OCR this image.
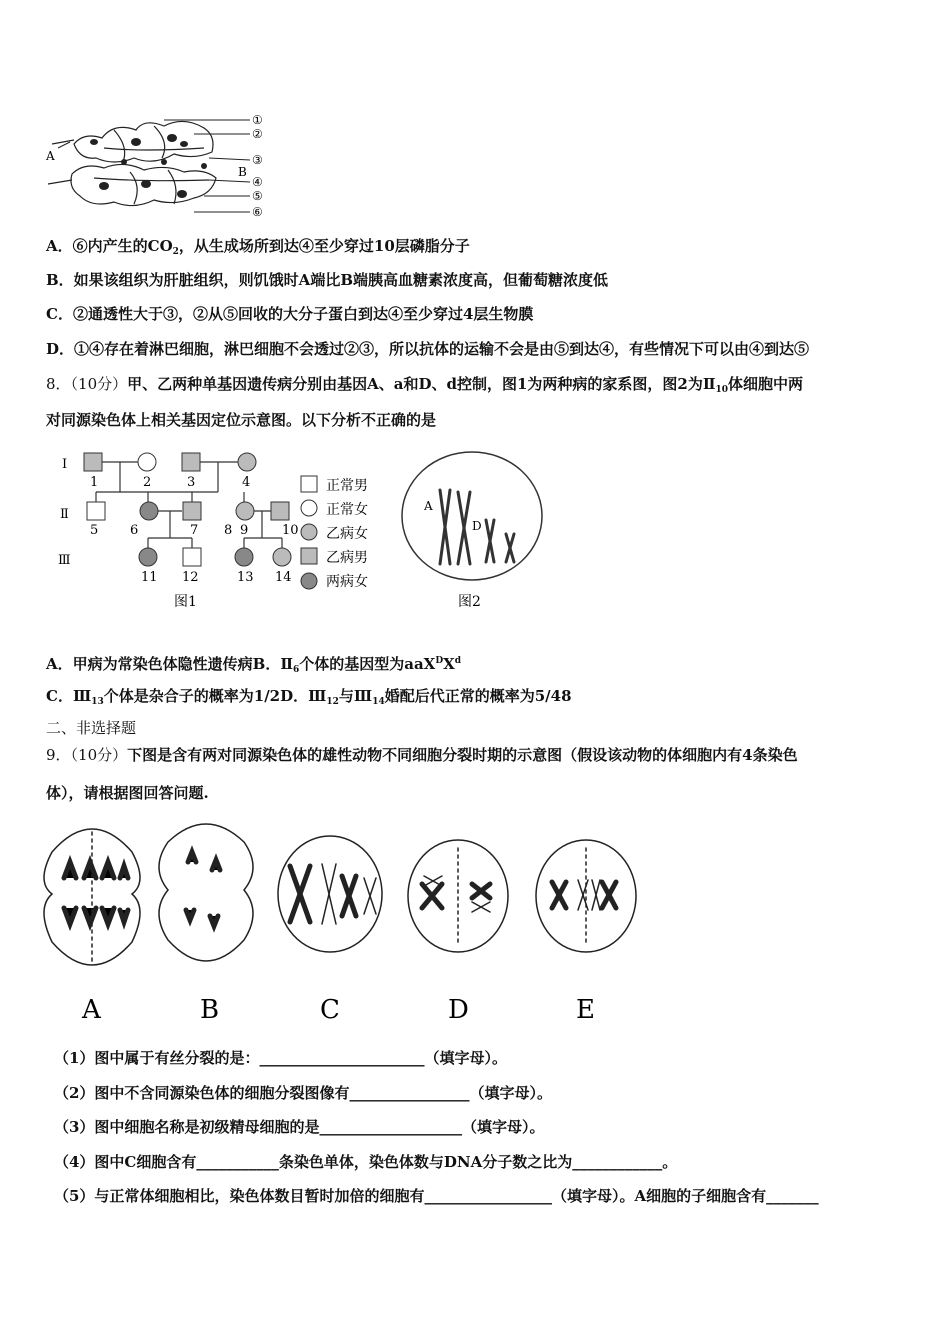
A
B
①
②
③
④
⑤
⑥
A．⑥内产生的$CO_2$，从生成场所到达④至少穿过10层磷脂分子
B．如果该组织为肝脏组织，则饥饿时A端比B端胰高血糖素浓度高，但葡萄糖浓度低
C．②通透性大于③，②从⑤回收的大分子蛋白到达④至少穿过4层生物膜
D．①④存在着淋巴细胞，淋巴细胞不会透过②③，所以抗体的运输不会是由⑤到达④，有些情况下可以由④到达⑤
8．（10分）甲、乙两种单基因遗传病分别由基因A、a和D、d控制，图1为两种病的家系图，图2为$Ⅱ_{10}$体细胞中两
对同源染色体上相关基因定位示意图。以下分析不正确的是
Ⅰ
Ⅱ
Ⅲ
1	2	3	4
5 6	7 8 9	10
11 12	13 14
正常男
正常女
乙病女
乙病男
两病女
图1	图2
A
D
A．甲病为常染色体隐性遗传病B．$Ⅱ_6$个体的基因型为$aaX^DX^d$
C．$Ⅲ_{13}$个体是杂合子的概率为1/2D．$Ⅲ_{12}$与$Ⅲ_{14}$婚配后代正常的概率为5/48
二、非选择题
9．（10分）下图是含有两对同源染色体的雄性动物不同细胞分裂时期的示意图（假设该动物的体细胞内有4条染色
体），请根据图回答问题.
A	B	C	D	E
（1）图中属于有丝分裂的是：______________________（填字母）。
（2）图中不含同源染色体的细胞分裂图像有________________（填字母）。
（3）图中细胞名称是初级精母细胞的是___________________（填字母）。
（4）图中C细胞含有___________条染色单体，染色体数与DNA分子数之比为____________。
（5）与正常体细胞相比，染色体数目暂时加倍的细胞有_________________（填字母）。A细胞的子细胞含有_______
